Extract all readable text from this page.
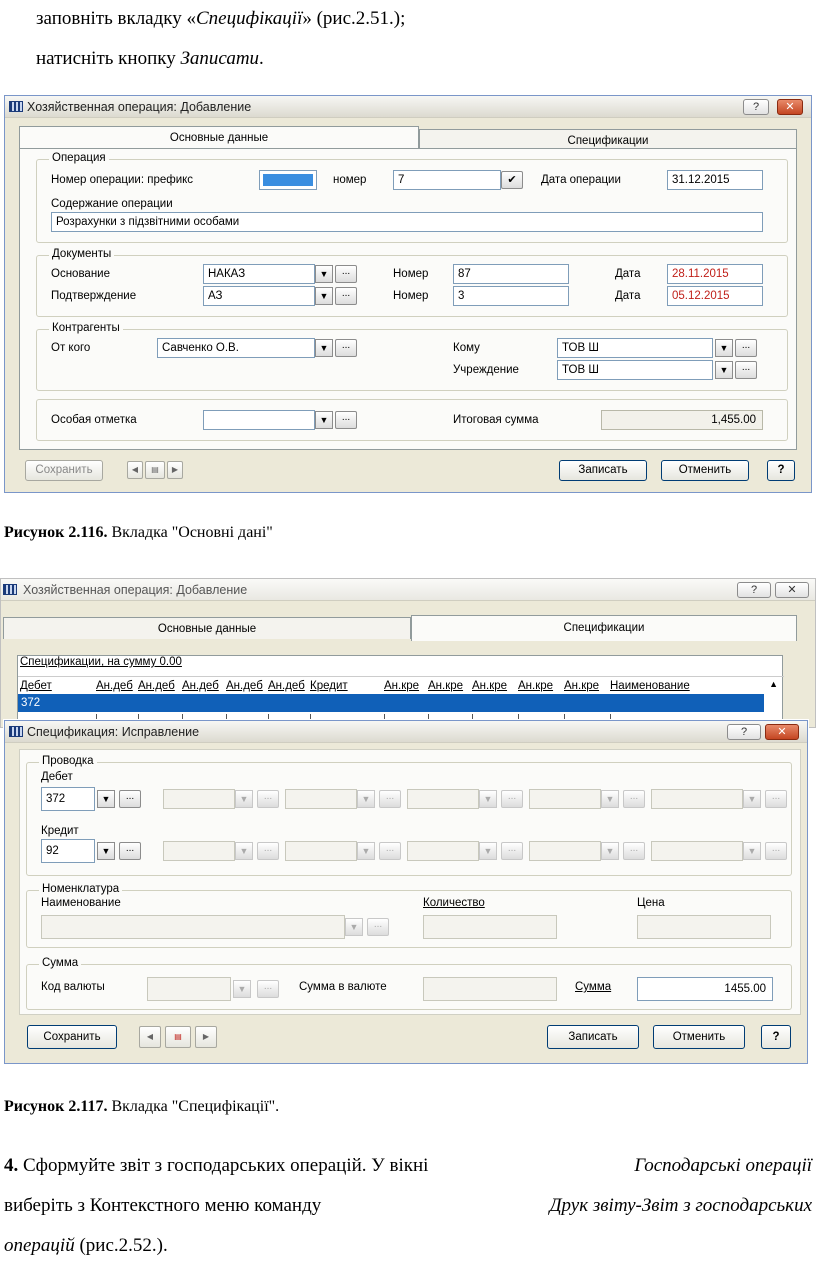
заповніть вкладку «Специфікації» (рис.2.51.);
натисніть кнопку Записати.
Хозяйственная операция: Добавление	?	✕
Основные данные	Спецификации
Операция
Номер операции: префикс	номер	7	✔	Дата операции	31.12.2015
Содержание операции
Розрахунки з підзвітними особами
Документы
Основание	НАКАЗ	▼	...	Номер	87	Дата	28.11.2015
Подтверждение	АЗ	▼	...	Номер	3	Дата	05.12.2015
Контрагенты
От кого	Савченко О.В.	▼	...	Кому	ТОВ Ш	▼	...
Учреждение	ТОВ Ш	▼	...
Особая отметка	▼	...	Итоговая сумма	1,455.00
Сохранить	◀	▤	▶	Записать	Отменить	?
Рисунок 2.116. Вкладка "Основні дані"
Хозяйственная операция: Добавление	?	✕
Основные данные	Спецификации
Спецификации, на сумму 0.00
Дебет	Ан.деб Ан.деб Ан.деб Ан.деб Ан.деб Кредит	Ан.кре Ан.кре Ан.кре Ан.кре Ан.кре Наименование	▲
372
Спецификация: Исправление	?	✕
Проводка
Дебет
372	▼	...	▼	...	▼	...	▼	...	▼	...	▼	...
Кредит
92	▼	...	▼	...	▼	...	▼	...	▼	...	▼	...
Номенклатура
Наименование
▼	...
Количество	Цена
Сумма
Код валюты	▼	...	Сумма в валюте	Сумма	1455.00
Сохранить	◀	▤	▶	Записать	Отменить	?
Рисунок 2.117. Вкладка "Специфікації".
4. Сформуйте звіт з господарських операцій. У вікні	Господарські операції
виберіть з Контекстного меню команду	Друк звіту-Звіт з господарських
операцій (рис.2.52.).
